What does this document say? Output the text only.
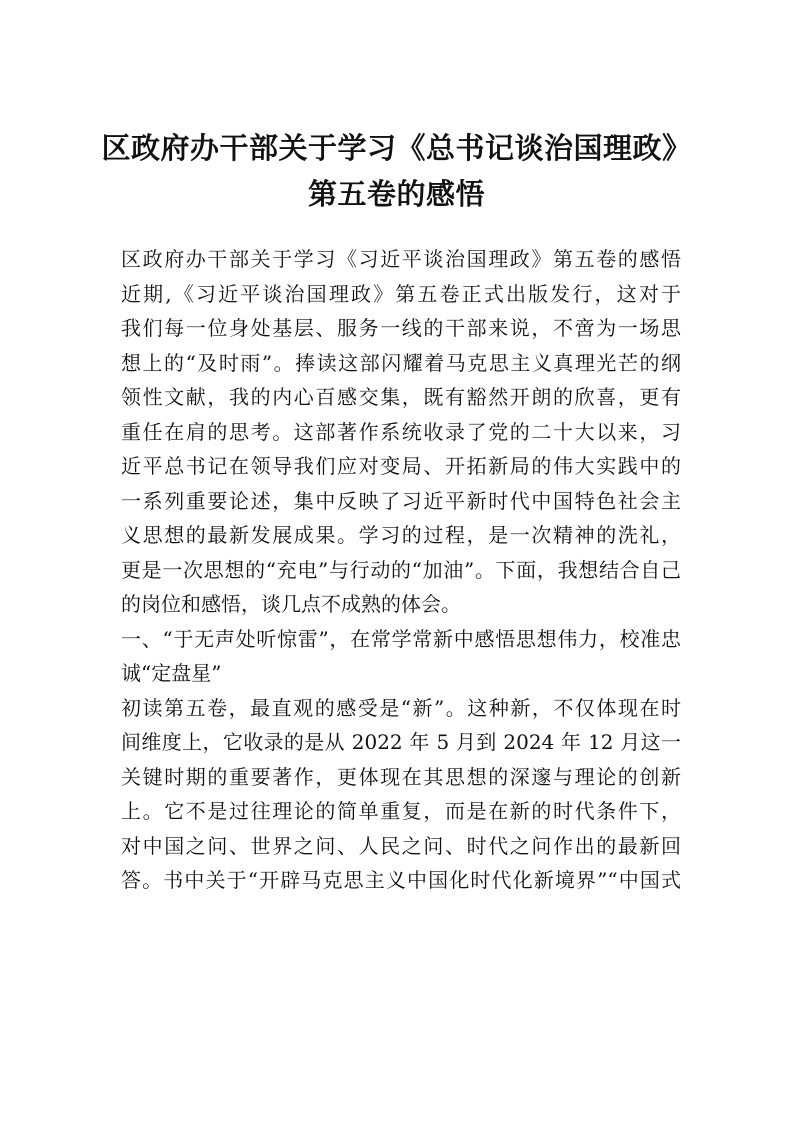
区政府办干部关于学习《总书记谈治国理政》
第五卷的感悟
区政府办干部关于学习《习近平谈治国理政》第五卷的感悟
近期,《习近平谈治国理政》第五卷正式出版发行，这对于
我们每一位身处基层、服务一线的干部来说，不啻为一场思
想上的“及时雨”。捧读这部闪耀着马克思主义真理光芒的纲
领性文献，我的内心百感交集，既有豁然开朗的欣喜，更有
重任在肩的思考。这部著作系统收录了党的二十大以来，习
近平总书记在领导我们应对变局、开拓新局的伟大实践中的
一系列重要论述，集中反映了习近平新时代中国特色社会主
义思想的最新发展成果。学习的过程，是一次精神的洗礼，
更是一次思想的“充电”与行动的“加油”。下面，我想结合自己
的岗位和感悟，谈几点不成熟的体会。
一、“于无声处听惊雷”，在常学常新中感悟思想伟力，校准忠
诚“定盘星”
初读第五卷，最直观的感受是“新”。这种新，不仅体现在时
间维度上，它收录的是从 2022 年 5 月到 2024 年 12 月这一
关键时期的重要著作，更体现在其思想的深邃与理论的创新
上。它不是过往理论的简单重复，而是在新的时代条件下，
对中国之问、世界之问、人民之问、时代之问作出的最新回
答。书中关于“开辟马克思主义中国化时代化新境界”“中国式
